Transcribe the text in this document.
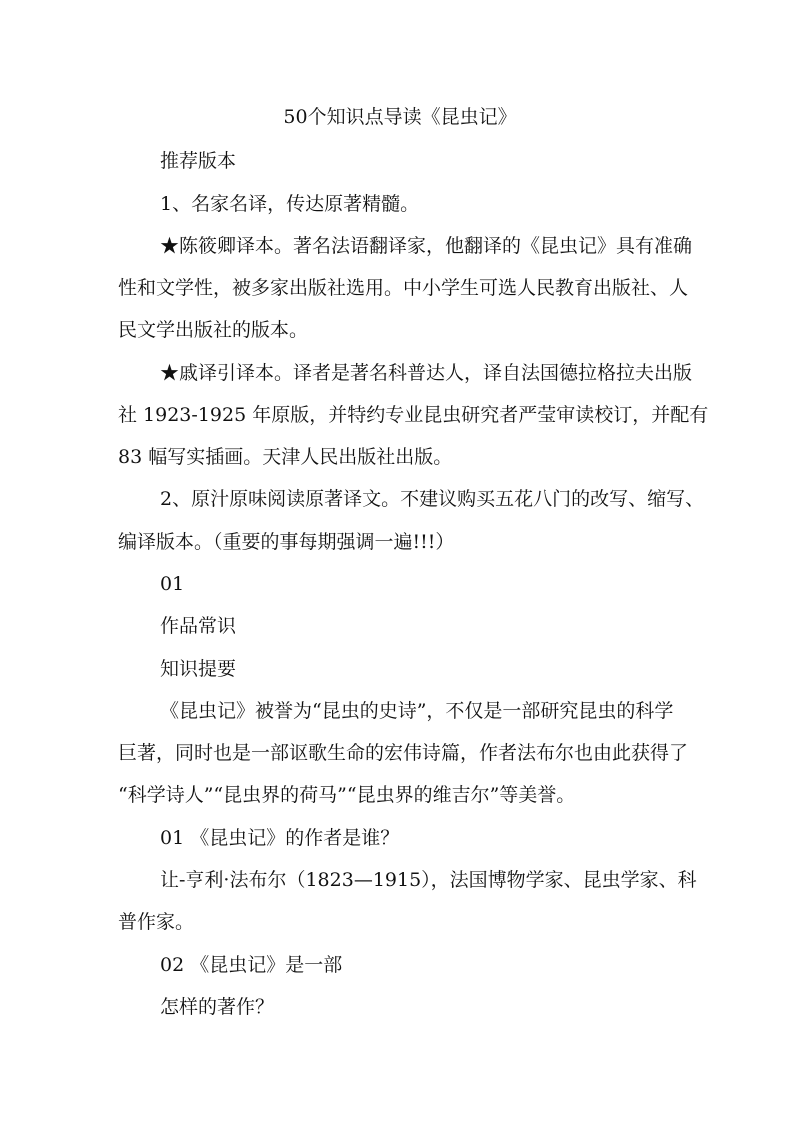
50个知识点导读《昆虫记》

推荐版本

1、名家名译，传达原著精髓。

★陈筱卿译本。著名法语翻译家，他翻译的《昆虫记》具有准确

性和文学性，被多家出版社选用。中小学生可选人民教育出版社、人

民文学出版社的版本。

★戚译引译本。译者是著名科普达人，译自法国德拉格拉夫出版

社 1923-1925 年原版，并特约专业昆虫研究者严莹审读校订，并配有

83 幅写实插画。天津人民出版社出版。

2、原汁原味阅读原著译文。不建议购买五花八门的改写、缩写、

编译版本。（重要的事每期强调一遍!!!）

01

作品常识

知识提要

《昆虫记》被誉为“昆虫的史诗”，不仅是一部研究昆虫的科学

巨著，同时也是一部讴歌生命的宏伟诗篇，作者法布尔也由此获得了

“科学诗人”“昆虫界的荷马”“昆虫界的维吉尔”等美誉。

01 《昆虫记》的作者是谁？

让-亨利·法布尔（1823—1915），法国博物学家、昆虫学家、科

普作家。

02 《昆虫记》是一部

怎样的著作？
